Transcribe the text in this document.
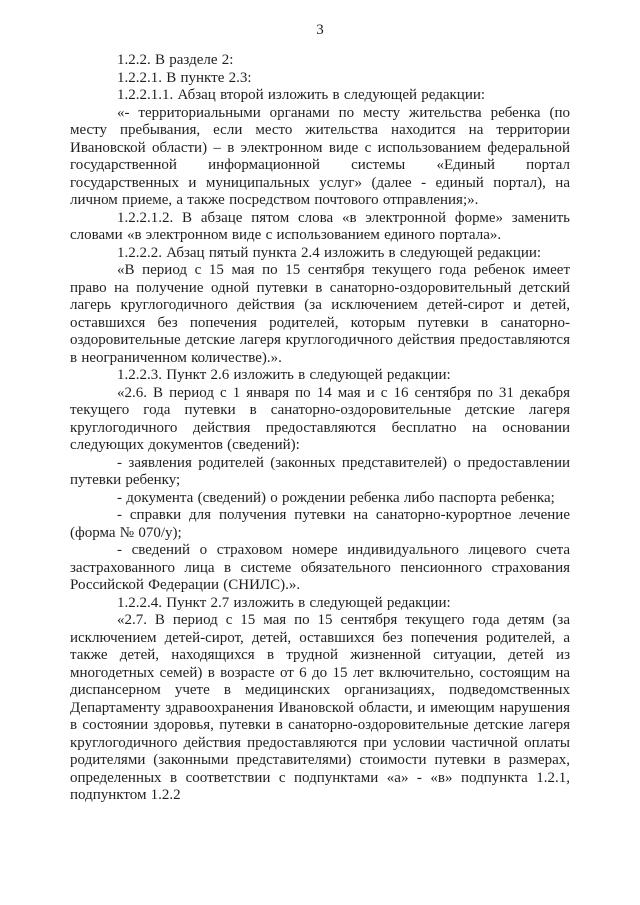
3

1.2.2. В разделе 2:

1.2.2.1. В пункте 2.3:

1.2.2.1.1. Абзац второй изложить в следующей редакции:

«- территориальными органами по месту жительства ребенка (по месту пребывания, если место жительства находится на территории Ивановской области) – в электронном виде с использованием федеральной государственной информационной системы «Единый портал государственных и муниципальных услуг» (далее - единый портал), на личном приеме, а также посредством почтового отправления;».

1.2.2.1.2. В абзаце пятом слова «в электронной форме» заменить словами «в электронном виде с использованием единого портала».

1.2.2.2. Абзац пятый пункта 2.4 изложить в следующей редакции:

«В период с 15 мая по 15 сентября текущего года ребенок имеет право на получение одной путевки в санаторно-оздоровительный детский лагерь круглогодичного действия (за исключением детей-сирот и детей, оставшихся без попечения родителей, которым путевки в санаторно-оздоровительные детские лагеря круглогодичного действия предоставляются в неограниченном количестве).».

1.2.2.3. Пункт 2.6 изложить в следующей редакции:

«2.6. В период с 1 января по 14 мая и с 16 сентября по 31 декабря текущего года путевки в санаторно-оздоровительные детские лагеря круглогодичного действия предоставляются бесплатно на основании следующих документов (сведений):

- заявления родителей (законных представителей) о предоставлении путевки ребенку;

- документа (сведений) о рождении ребенка либо паспорта ребенка;

- справки для получения путевки на санаторно-курортное лечение (форма № 070/у);

- сведений о страховом номере индивидуального лицевого счета застрахованного лица в системе обязательного пенсионного страхования Российской Федерации (СНИЛС).».

1.2.2.4. Пункт 2.7 изложить в следующей редакции:

«2.7. В период с 15 мая по 15 сентября текущего года детям (за исключением детей-сирот, детей, оставшихся без попечения родителей, а также детей, находящихся в трудной жизненной ситуации, детей из многодетных семей) в возрасте от 6 до 15 лет включительно, состоящим на диспансерном учете в медицинских организациях, подведомственных Департаменту здравоохранения Ивановской области, и имеющим нарушения в состоянии здоровья, путевки в санаторно-оздоровительные детские лагеря круглогодичного действия предоставляются при условии частичной оплаты родителями (законными представителями) стоимости путевки в размерах, определенных в соответствии с подпунктами «а» - «в» подпункта 1.2.1, подпунктом 1.2.2
